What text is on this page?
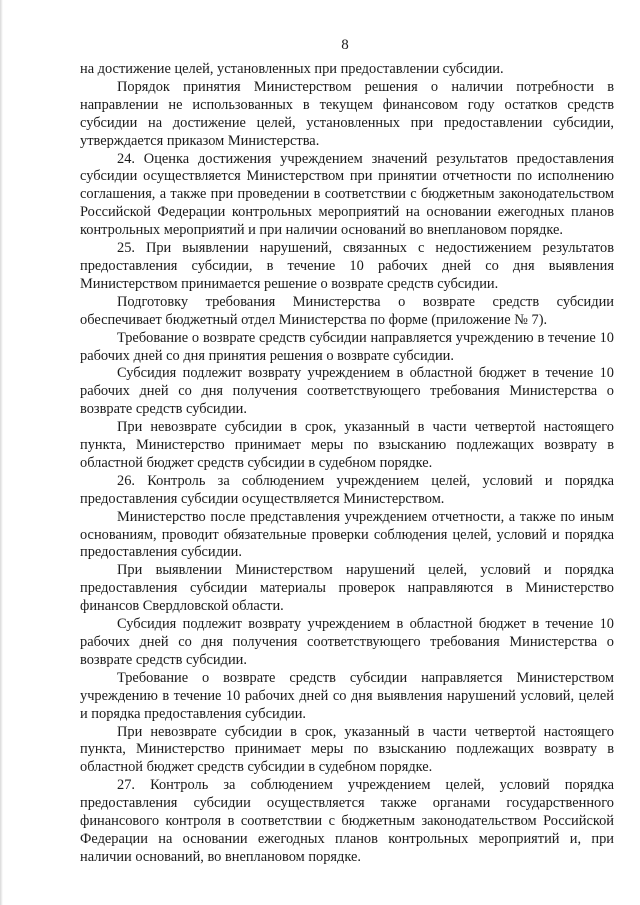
8

на достижение целей, установленных при предоставлении субсидии.

Порядок принятия Министерством решения о наличии потребности в направлении не использованных в текущем финансовом году остатков средств субсидии на достижение целей, установленных при предоставлении субсидии, утверждается приказом Министерства.

24. Оценка достижения учреждением значений результатов предоставления субсидии осуществляется Министерством при принятии отчетности по исполнению соглашения, а также при проведении в соответствии с бюджетным законодательством Российской Федерации контрольных мероприятий на основании ежегодных планов контрольных мероприятий и при наличии оснований во внеплановом порядке.

25. При выявлении нарушений, связанных с недостижением результатов предоставления субсидии, в течение 10 рабочих дней со дня выявления Министерством принимается решение о возврате средств субсидии.

Подготовку требования Министерства о возврате средств субсидии обеспечивает бюджетный отдел Министерства по форме (приложение № 7).

Требование о возврате средств субсидии направляется учреждению в течение 10 рабочих дней со дня принятия решения о возврате субсидии.

Субсидия подлежит возврату учреждением в областной бюджет в течение 10 рабочих дней со дня получения соответствующего требования Министерства о возврате средств субсидии.

При невозврате субсидии в срок, указанный в части четвертой настоящего пункта, Министерство принимает меры по взысканию подлежащих возврату в областной бюджет средств субсидии в судебном порядке.

26. Контроль за соблюдением учреждением целей, условий и порядка предоставления субсидии осуществляется Министерством.

Министерство после представления учреждением отчетности, а также по иным основаниям, проводит обязательные проверки соблюдения целей, условий и порядка предоставления субсидии.

При выявлении Министерством нарушений целей, условий и порядка предоставления субсидии материалы проверок направляются в Министерство финансов Свердловской области.

Субсидия подлежит возврату учреждением в областной бюджет в течение 10 рабочих дней со дня получения соответствующего требования Министерства о возврате средств субсидии.

Требование о возврате средств субсидии направляется Министерством учреждению в течение 10 рабочих дней со дня выявления нарушений условий, целей и порядка предоставления субсидии.

При невозврате субсидии в срок, указанный в части четвертой настоящего пункта, Министерство принимает меры по взысканию подлежащих возврату в областной бюджет средств субсидии в судебном порядке.

27. Контроль за соблюдением учреждением целей, условий порядка предоставления субсидии осуществляется также органами государственного финансового контроля в соответствии с бюджетным законодательством Российской Федерации на основании ежегодных планов контрольных мероприятий и, при наличии оснований, во внеплановом порядке.
